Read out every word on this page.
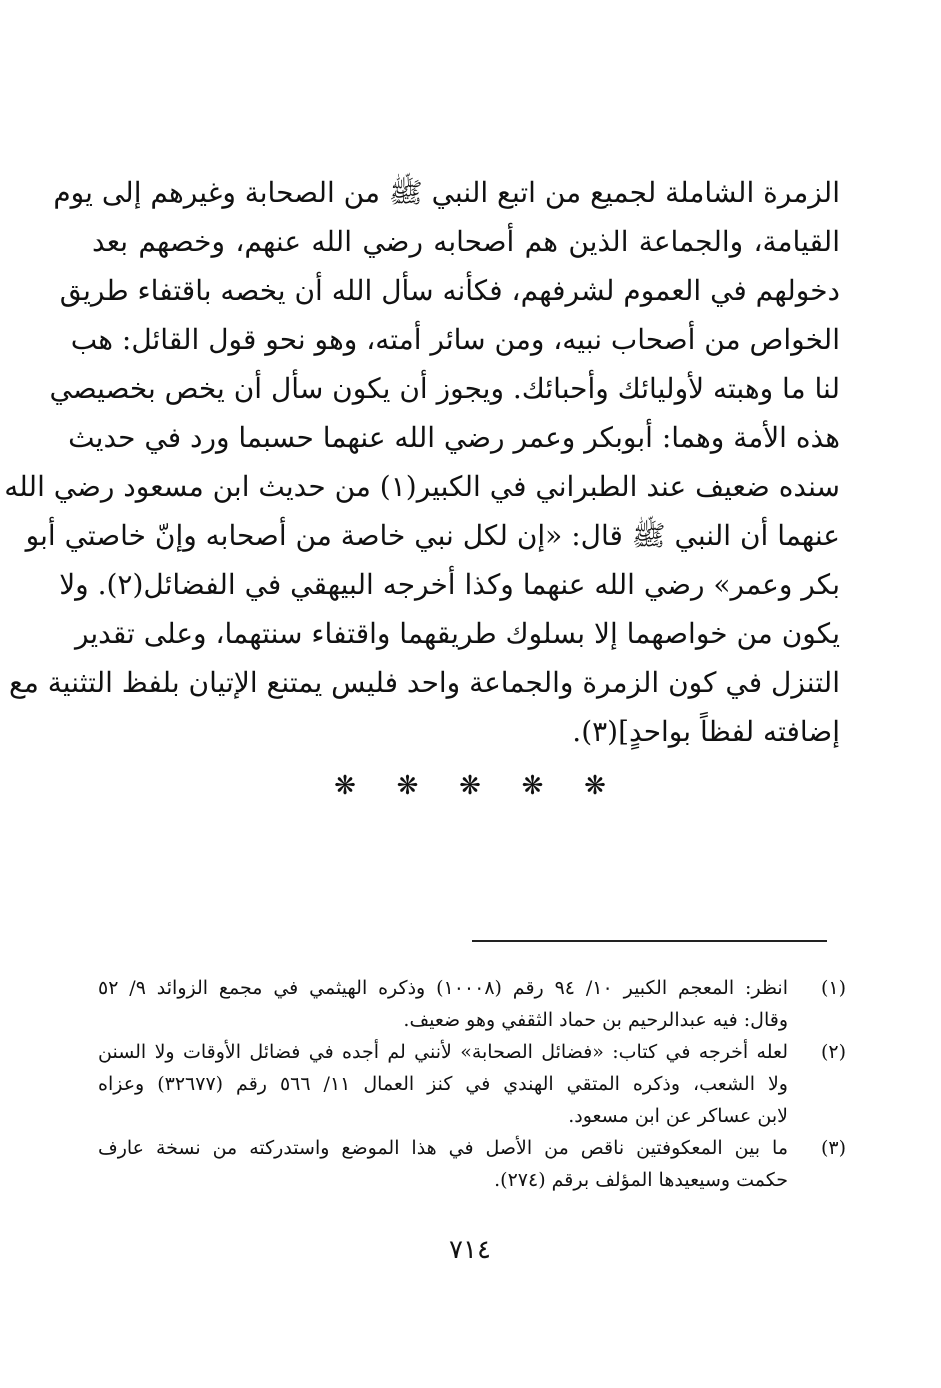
الزمرة الشاملة لجميع من اتبع النبي ﷺ من الصحابة وغيرهم إلى يوم
القيامة، والجماعة الذين هم أصحابه رضي الله عنهم، وخصهم بعد
دخولهم في العموم لشرفهم، فكأنه سأل الله أن يخصه باقتفاء طريق
الخواص من أصحاب نبيه، ومن سائر أمته، وهو نحو قول القائل: هب
لنا ما وهبته لأوليائك وأحبائك. ويجوز أن يكون سأل أن يخص بخصيصي
هذه الأمة وهما: أبوبكر وعمر رضي الله عنهما حسبما ورد في حديث
سنده ضعيف عند الطبراني في الكبير(١) من حديث ابن مسعود رضي الله
عنهما أن النبي ﷺ قال: «إن لكل نبي خاصة من أصحابه وإنّ خاصتي أبو
بكر وعمر» رضي الله عنهما وكذا أخرجه البيهقي في الفضائل(٢). ولا
يكون من خواصهما إلا بسلوك طريقهما واقتفاء سنتهما، وعلى تقدير
التنزل في كون الزمرة والجماعة واحد فليس يمتنع الإتيان بلفظ التثنية مع
إضافته لفظاً بواحدٍ](٣).
❋
❋
❋
❋
❋
(١)
انظر: المعجم الكبير ١٠/ ٩٤ رقم (١٠٠٠٨) وذكره الهيثمي في مجمع الزوائد ٩/ ٥٢
وقال: فيه عبدالرحيم بن حماد الثقفي وهو ضعيف.
(٢)
لعله أخرجه في كتاب: «فضائل الصحابة» لأنني لم أجده في فضائل الأوقات ولا السنن
ولا الشعب، وذكره المتقي الهندي في كنز العمال ١١/ ٥٦٦ رقم (٣٢٦٧٧) وعزاه
لابن عساكر عن ابن مسعود.
(٣)
ما بين المعكوفتين ناقص من الأصل في هذا الموضع واستدركته من نسخة عارف
حكمت وسيعيدها المؤلف برقم (٢٧٤).
٧١٤
